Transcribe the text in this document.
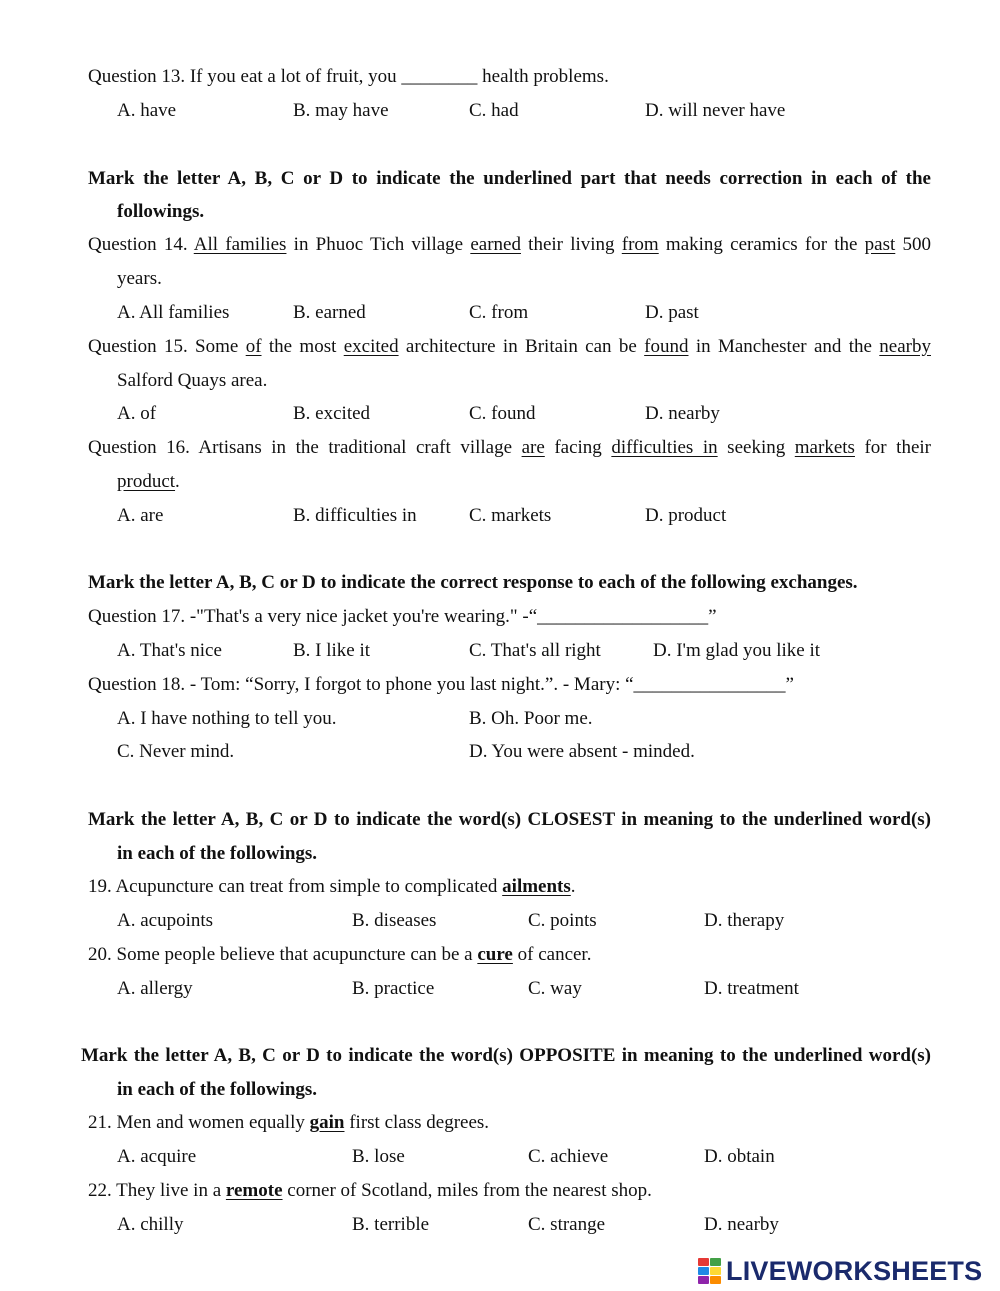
Question 13. If you eat a lot of fruit, you ________ health problems.
A. have	B. may have	C. had	D. will never have
Mark the letter A, B, C or D to indicate the underlined part that needs correction in each of the
followings.
Question 14. All families in Phuoc Tich village earned their living from making ceramics for the past 500
years.
A. All families	B. earned	C. from	D. past
Question 15. Some of the most excited architecture in Britain can be found in Manchester and the nearby
Salford Quays area.
A. of	B. excited	C. found	D. nearby
Question 16. Artisans in the traditional craft village are facing difficulties in seeking markets for their
product.
A. are	B. difficulties in	C. markets	D. product
Mark the letter A, B, C or D to indicate the correct response to each of the following exchanges.
Question 17. -"That's a very nice jacket you're wearing." -“__________________”
A. That's nice	B. I like it	C. That's all right	D. I'm glad you like it
Question 18. - Tom: “Sorry, I forgot to phone you last night.”. - Mary: “________________”
A. I have nothing to tell you.	B. Oh. Poor me.
C. Never mind.	D. You were absent - minded.
Mark the letter A, B, C or D to indicate the word(s) CLOSEST in meaning to the underlined word(s)
in each of the followings.
19. Acupuncture can treat from simple to complicated ailments.
A. acupoints	B. diseases	C. points	D. therapy
20. Some people believe that acupuncture can be a cure of cancer.
A. allergy	B. practice	C. way	D. treatment
Mark the letter A, B, C or D to indicate the word(s) OPPOSITE in meaning to the underlined word(s)
in each of the followings.
21. Men and women equally gain first class degrees.
A. acquire	B. lose	C. achieve	D. obtain
22. They live in a remote corner of Scotland, miles from the nearest shop.
A. chilly	B. terrible	C. strange	D. nearby
LIVEWORKSHEETS
